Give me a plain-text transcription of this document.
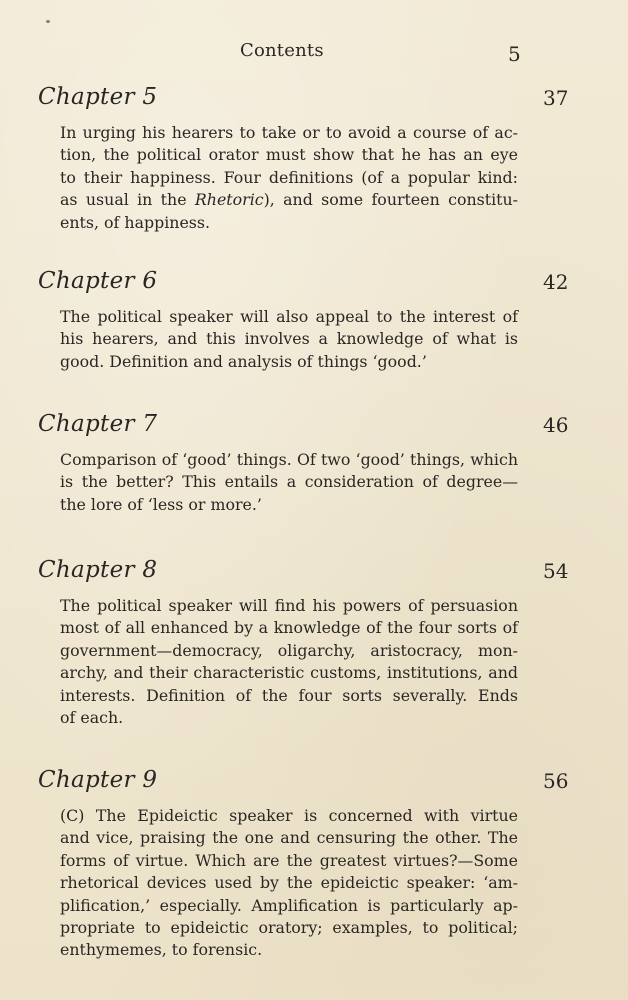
Contents	5
Chapter 5	37

In urging his hearers to take or to avoid a course of ac-
tion, the political orator must show that he has an eye
to their happiness. Four definitions (of a popular kind:
as usual in the Rhetoric), and some fourteen constitu-
ents, of happiness.

Chapter 6	42

The political speaker will also appeal to the interest of
his hearers, and this involves a knowledge of what is
good. Definition and analysis of things ‘good.’

Chapter 7	46

Comparison of ‘good’ things. Of two ‘good’ things, which
is the better? This entails a consideration of degree—
the lore of ‘less or more.’

Chapter 8	54

The political speaker will find his powers of persuasion
most of all enhanced by a knowledge of the four sorts of
government—democracy, oligarchy, aristocracy, mon-
archy, and their characteristic customs, institutions, and
interests. Definition of the four sorts severally. Ends
of each.

Chapter 9	56

(C) The Epideictic speaker is concerned with virtue
and vice, praising the one and censuring the other. The
forms of virtue. Which are the greatest virtues?—Some
rhetorical devices used by the epideictic speaker: ‘am-
plification,’ especially. Amplification is particularly ap-
propriate to epideictic oratory; examples, to political;
enthymemes, to forensic.
